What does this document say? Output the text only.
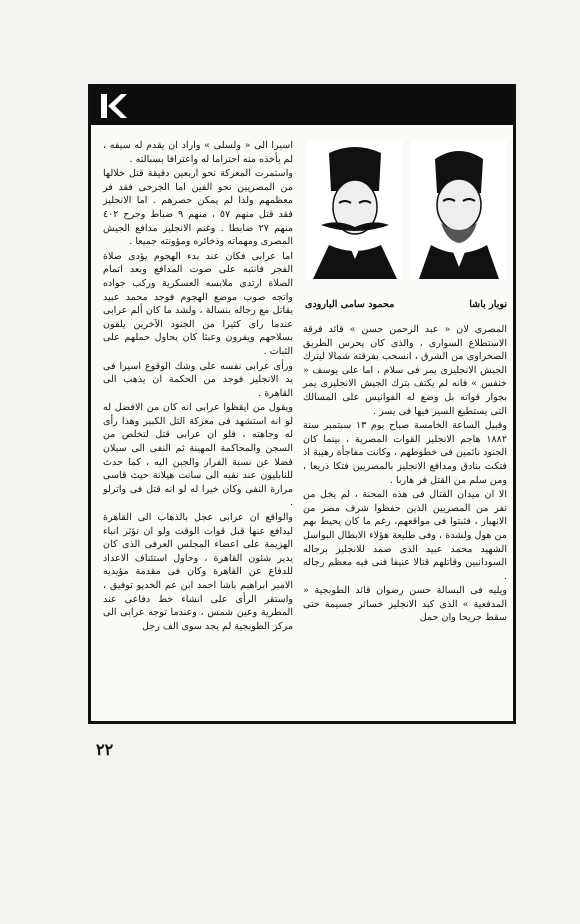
اسيرا الى « ولسلى » واراد ان يقدم له سيفه ، لم يأخذه منه احتراما له واعترافا بسبالته .

واستمرت المعركة نحو اربعين دقيقة قتل خلالها من المصريين نحو الفين اما الجرحى فقد فر معظمهم ولذا لم يمكن حصرهم . اما الانجليز فقد قتل منهم ٥٧ ، منهم ٩ ضباط وجرح ٤٠٢ منهم ٢٧ ضابطا . وغنم الانجليز مدافع الجيش المصرى ومهماته وذخائره ومؤونته جميعا .

اما عرابى فكان عند بدء الهجوم يؤدى صلاة الفجر فانتبه على صوت المدافع وبعد اتمام الصلاة ارتدى ملابسه العسكرية وركب جواده واتجه صوب موضع الهجوم فوجد محمد عبيد يقاتل مع رجاله بنسالة ، ولشد ما كان ألم عرابى عندما راى كثيرا من الجنود الآخرين يلقون بسلاحهم ويفرون وعبثا كان يحاول حملهم على الثبات .

ورأى عرابى نفسه على وشك الوقوع اسيرا فى يد الانجليز فوجد من الحكمة ان يذهب الى القاهرة .

ويقول من ايقظوا عرابى انه كان من الافضل له لو انه استشهد فى معركة التل الكبير وهذا رأى له وجاهته ، فلو ان عرابى قتل لتخلص من السجن والمحاكمة المهينة ثم النفى الى سيلان فضلا عن نسبة الفرار والجبن اليه ، كما حدث للنابليون عند نفيه الى سانت هيلانة حيث قاسى مرارة النفى وكان خيرا له لو انه قتل فى واترلو .

والواقع ان عرابى عجل بالذهاب الى القاهرة ليدافع عنها قبل قوات الوقت ولو ان نؤثر انباء الهزيمة على اعضاء المجلس العرفى الذى كان يدير شئون القاهرة ، وحاول استئناف الاعداد للدفاع عن القاهرة وكان فى مقدمة مؤيديه الامير ابراهيم باشا احمد ابن عم الخديو توفيق ، واستقر الرأى على انشاء خط دفاعى عند المطرية وعين شمس ، وعندما توجه عرابى الى مركز الطوبجية لم يجد سوى الف رجل

نوبار باشا
محمود سامی البارودی

المصرى لان « عبد الرحمن حسن » قائد فرقة الاستطلاع السوارى ، والذى كان يحرس الطريق الصحراوى من الشرق ، انسحب بفرقته شمالا ليترك الجيش الانجليزى يمر فى سلام ، اما على يوسف « خنفس » فانه لم يكتف بترك الجيش الانجليزى يمر بجوار قواته بل وضع له الفوانيس على المسالك التى يستطيع السير فيها فى يسر .

وقبيل الساعة الخامسة صباح يوم ١٣ سبتمبر سنة ١٨٨٢ هاجم الانجليز القوات المصرية ، بينما كان الجنود نائمين فى خطوطهم ، وكانت مفاجأة رهيبة اذ فتكت بنادق ومدافع الانجليز بالمصريين فتكا ذريعا ، ومن سلم من القتل فر هاربا .

الا ان ميدان القتال فى هذه المحنة ، لم يخل من نفر من المصريين الذين حفظوا شرف مصر من الانهيار ، فثبتوا فى مواقعهم، رغم ما كان يحيط بهم من هول ولشدة ، وفى طليعة هؤلاء الابطال البواسل الشهيد محمد عبيد الذى صمد للانجليز برجاله السودانيين وقاتلهم قتالا عنيفا فنى فيه معظم رجاله .

ويليه فى البسالة حسن رضوان قائد الطوبجية « المدفعية » الذى كبد الانجليز خسائر جسيمة حتى سقط جريحا وان حمل

٢٢
